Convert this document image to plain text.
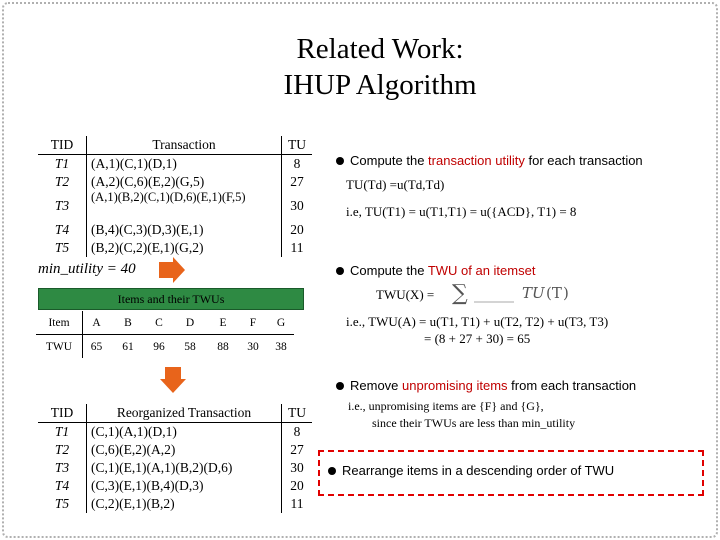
Related Work:
IHUP Algorithm
TID	Transaction	TU
T1	(A,1)(C,1)(D,1)	8
T2	(A,2)(C,6)(E,2)(G,5)	27
T3	(A,1)(B,2)(C,1)(D,6)(E,1)(F,5)	30
T4	(B,4)(C,3)(D,3)(E,1)	20
T5	(B,2)(C,2)(E,1)(G,2)	11
min_utility = 40
Items and their TWUs
Item	A	B	C	D	E	F	G
TWU	65	61	96	58	88	30	38
TID	Reorganized Transaction	TU
T1	(C,1)(A,1)(D,1)	8
T2	(C,6)(E,2)(A,2)	27
T3	(C,1)(E,1)(A,1)(B,2)(D,6)	30
T4	(C,3)(E,1)(B,4)(D,3)	20
T5	(C,2)(E,1)(B,2)	11
Compute the transaction utility for each transaction
TU(Td) =u(Td,Td)
i.e, TU(T1) = u(T1,T1) = u({ACD}, T1) = 8
Compute the TWU of an itemset
TWU(X) = ∑	TU (T )
i.e., TWU(A) = u(T1, T1) + u(T2, T2) + u(T3, T3)
= (8 + 27 + 30) = 65
Remove unpromising items from each transaction
i.e., unpromising items are {F} and {G},
since their TWUs are less than min_utility
Rearrange items in a descending order of TWU
